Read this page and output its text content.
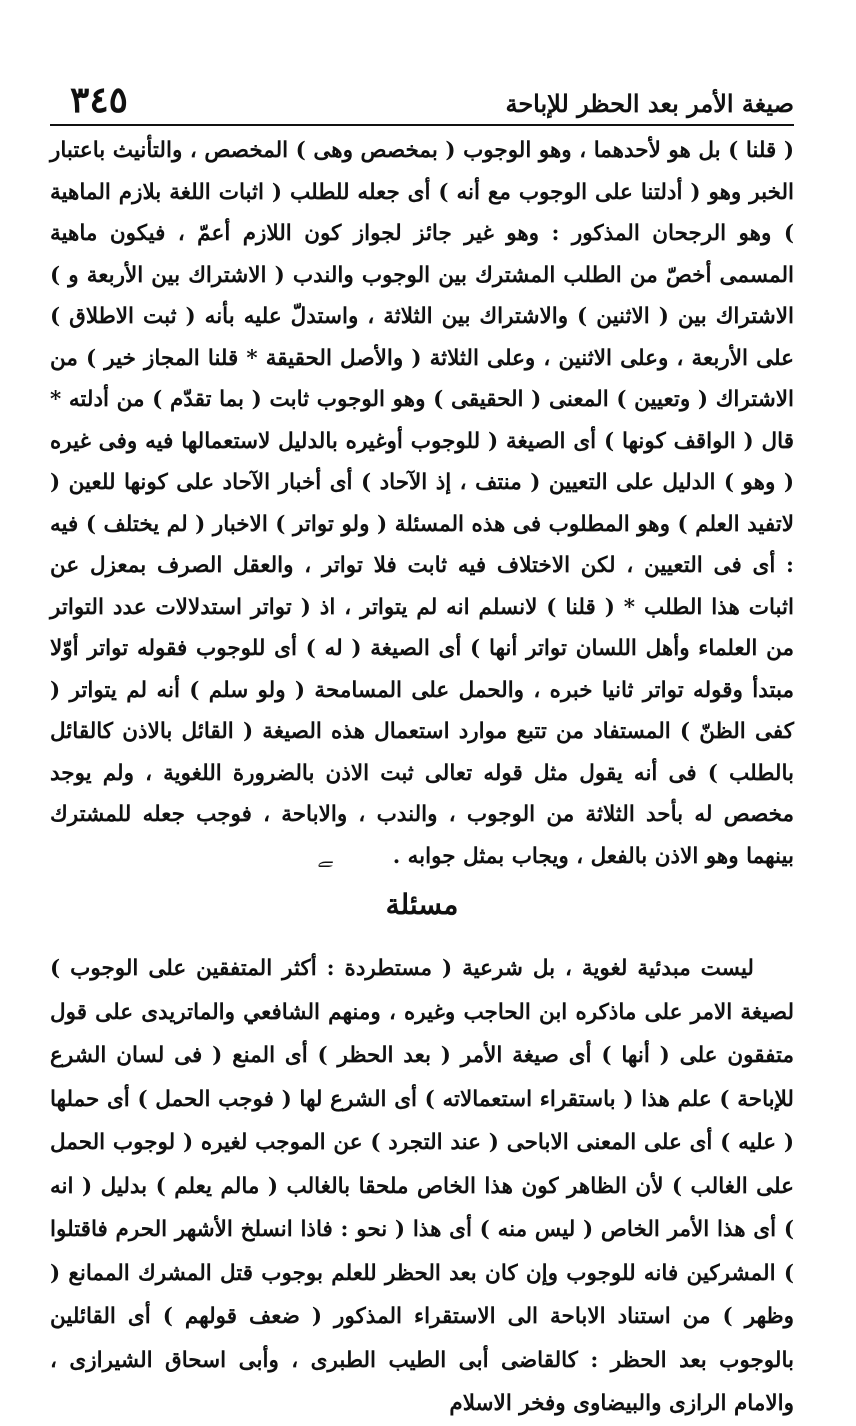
صيغة الأمر بعد الحظر للإباحة
٣٤٥

( قلنا ) بل هو لأحدهما ، وهو الوجوب ( بمخصص وهى ) المخصص ، والتأنيث باعتبار الخبر وهو ( أدلتنا على الوجوب مع أنه ) أى جعله للطلب ( اثبات اللغة بلازم الماهية ) وهو الرجحان المذكور : وهو غير جائز لجواز كون اللازم أعمّ ، فيكون ماهية المسمى أخصّ من الطلب المشترك بين الوجوب والندب ( الاشتراك بين الأربعة و ) الاشتراك بين ( الاثنين ) والاشتراك بين الثلاثة ، واستدلّ عليه بأنه ( ثبت الاطلاق ) على الأربعة ، وعلى الاثنين ، وعلى الثلاثة ( والأصل الحقيقة * قلنا المجاز خير ) من الاشتراك ( وتعيين ) المعنى ( الحقيقى ) وهو الوجوب ثابت ( بما تقدّم ) من أدلته * قال ( الواقف كونها ) أى الصيغة ( للوجوب أوغيره بالدليل لاستعمالها فيه وفى غيره ( وهو ) الدليل على التعيين ( منتف ، إذ الآحاد ) أى أخبار الآحاد على كونها للعين ( لاتفيد العلم ) وهو المطلوب فى هذه المسئلة ( ولو تواتر ) الاخبار ( لم يختلف ) فيه : أى فى التعيين ، لكن الاختلاف فيه ثابت فلا تواتر ، والعقل الصرف بمعزل عن اثبات هذا الطلب * ( قلنا ) لانسلم انه لم يتواتر ، اذ ( تواتر استدلالات عدد التواتر من العلماء وأهل اللسان تواتر أنها ) أى الصيغة ( له ) أى للوجوب فقوله تواتر أوّلا مبتدأ وقوله تواتر ثانيا خبره ، والحمل على المسامحة ( ولو سلم ) أنه لم يتواتر ( كفى الظنّ ) المستفاد من تتبع موارد استعمال هذه الصيغة ( القائل بالاذن كالقائل بالطلب ) فى أنه يقول مثل قوله تعالى ثبت الاذن بالضرورة اللغوية ، ولم يوجد مخصص له بأحد الثلاثة من الوجوب ، والندب ، والاباحة ، فوجب جعله للمشترك بينهما وهو الاذن بالفعل ، ويجاب بمثل جوابه .ﮯ

مسئلة

ليست مبدئية لغوية ، بل شرعية ( مستطردة : أكثر المتفقين على الوجوب ) لصيغة الامر على ماذكره ابن الحاجب وغيره ، ومنهم الشافعي والماتريدى على قول متفقون على ( أنها ) أى صيغة الأمر ( بعد الحظر ) أى المنع ( فى لسان الشرع للإباحة ) علم هذا ( باستقراء استعمالاته ) أى الشرع لها ( فوجب الحمل ) أى حملها ( عليه ) أى على المعنى الاباحى ( عند التجرد ) عن الموجب لغيره ( لوجوب الحمل على الغالب ) لأن الظاهر كون هذا الخاص ملحقا بالغالب ( مالم يعلم ) بدليل ( انه ) أى هذا الأمر الخاص ( ليس منه ) أى هذا ( نحو : فاذا انسلخ الأشهر الحرم فاقتلوا ) المشركين فانه للوجوب وإن كان بعد الحظر للعلم بوجوب قتل المشرك الممانع ( وظهر ) من استناد الاباحة الى الاستقراء المذكور ( ضعف قولهم ) أى القائلين بالوجوب بعد الحظر : كالقاضى أبى الطيب الطبرى ، وأبى اسحاق الشيرازى ، والامام الرازى والبيضاوى وفخر الاسلام
